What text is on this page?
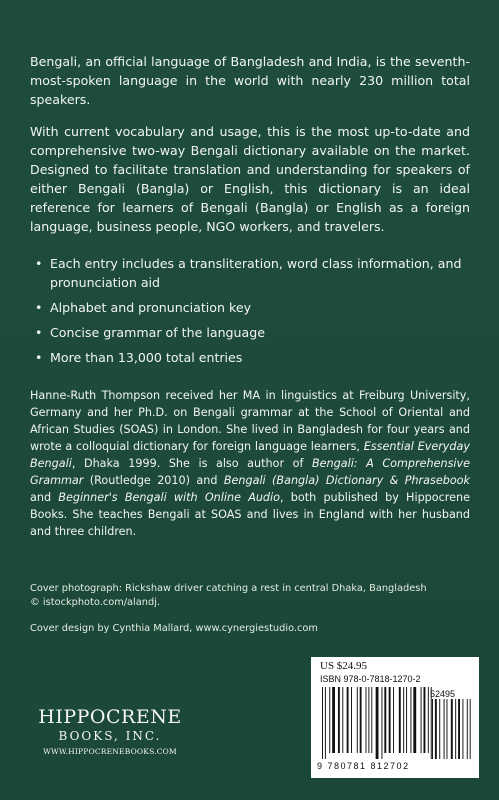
Bengali, an official language of Bangladesh and India, is the seventh-most-spoken language in the world with nearly 230 million total speakers.

With current vocabulary and usage, this is the most up-to-date and comprehensive two-way Bengali dictionary available on the market. Designed to facilitate translation and understanding for speakers of either Bengali (Bangla) or English, this dictionary is an ideal reference for learners of Bengali (Bangla) or English as a foreign language, business people, NGO workers, and travelers.

• Each entry includes a transliteration, word class information, and pronunciation aid
• Alphabet and pronunciation key
• Concise grammar of the language
• More than 13,000 total entries

Hanne-Ruth Thompson received her MA in linguistics at Freiburg University, Germany and her Ph.D. on Bengali grammar at the School of Oriental and African Studies (SOAS) in London. She lived in Bangladesh for four years and wrote a colloquial dictionary for foreign language learners, Essential Everyday Bengali, Dhaka 1999. She is also author of Bengali: A Comprehensive Grammar (Routledge 2010) and Bengali (Bangla) Dictionary & Phrasebook and Beginner's Bengali with Online Audio, both published by Hippocrene Books. She teaches Bengali at SOAS and lives in England with her husband and three children.

Cover photograph: Rickshaw driver catching a rest in central Dhaka, Bangladesh

© istockphoto.com/alandj.

Cover design by Cynthia Mallard, www.cynergiestudio.com

HIPPOCRENE
BOOKS, INC.
WWW.HIPPOCRENEBOOKS.COM
US $24.95
ISBN 978-0-7818-1270-2
52495
9 780781 812702
